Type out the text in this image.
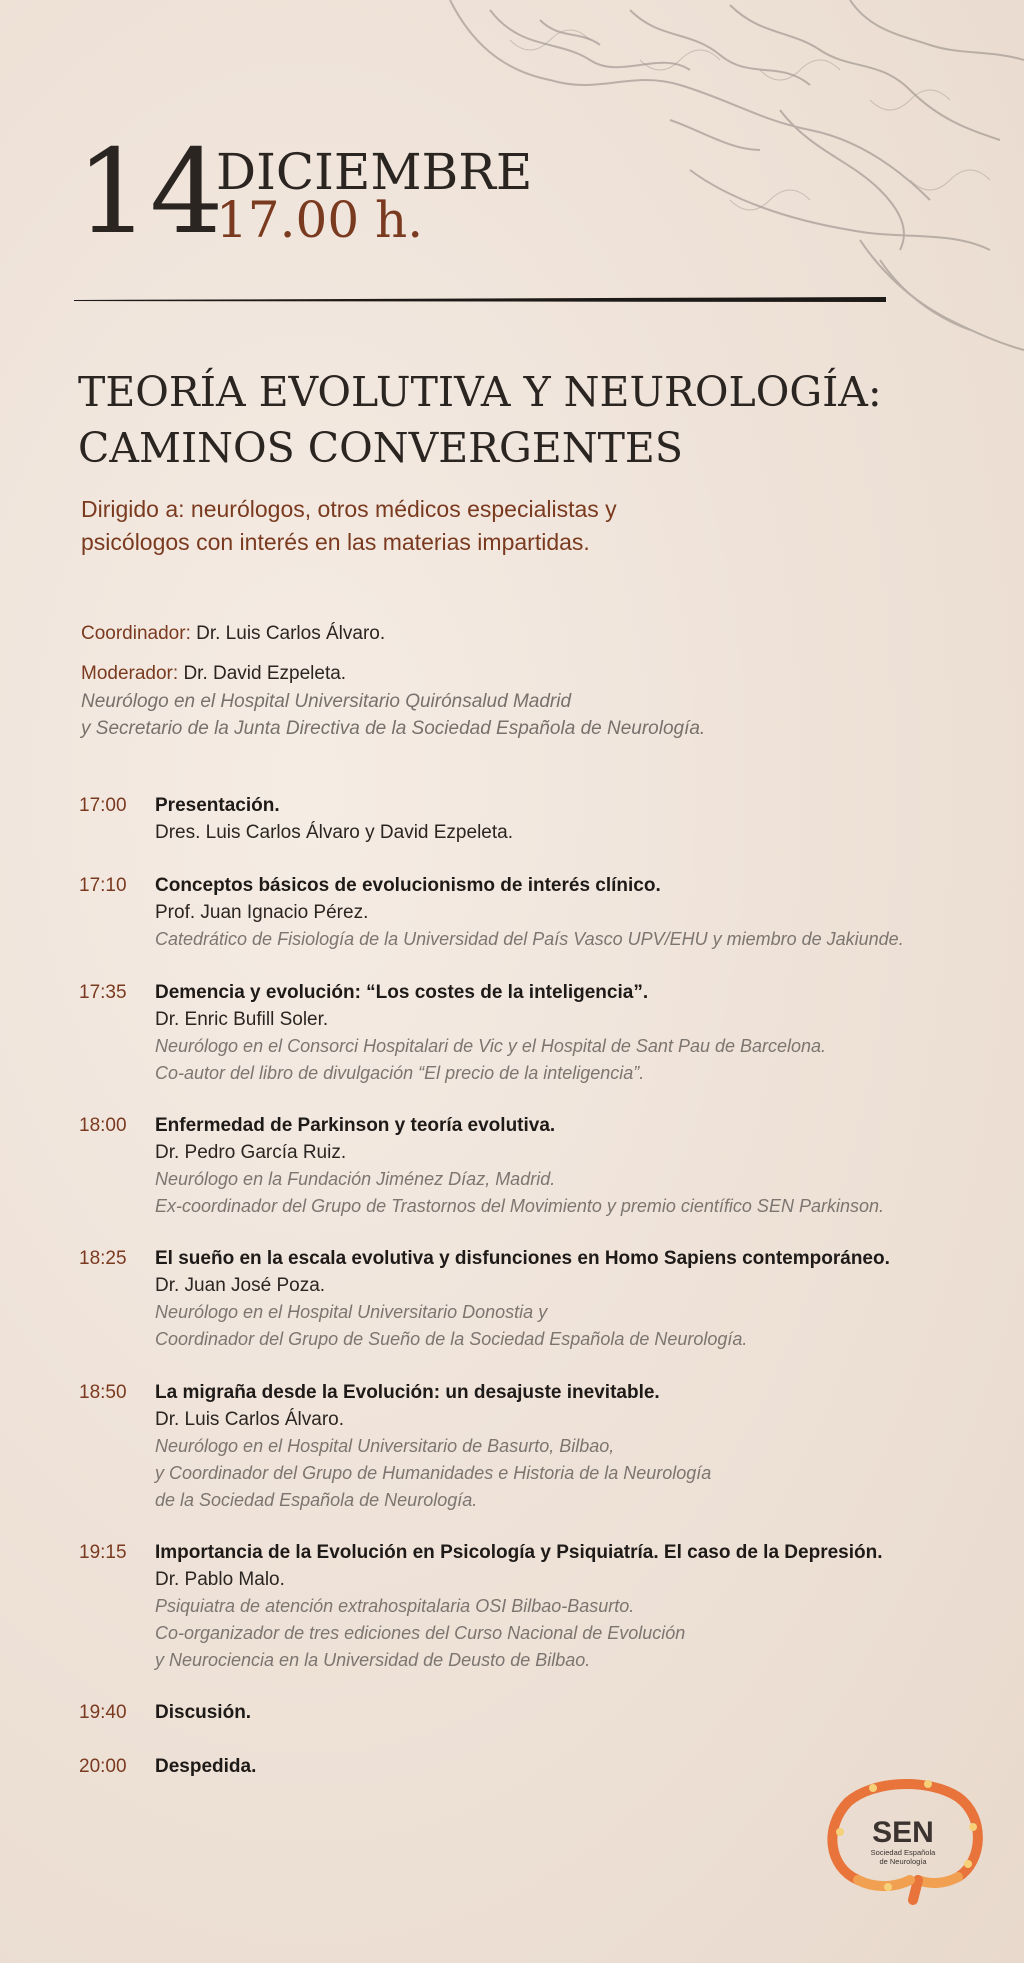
14
DICIEMBRE
17.00 h.
TEORÍA EVOLUTIVA Y NEUROLOGÍA:
CAMINOS CONVERGENTES
Dirigido a: neurólogos, otros médicos especialistas y
psicólogos con interés en las materias impartidas.
Coordinador: Dr. Luis Carlos Álvaro.
Moderador: Dr. David Ezpeleta.
Neurólogo en el Hospital Universitario Quirónsalud Madrid
y Secretario de la Junta Directiva de la Sociedad Española de Neurología.
17:00 Presentación.
Dres. Luis Carlos Álvaro y David Ezpeleta.
17:10 Conceptos básicos de evolucionismo de interés clínico.
Prof. Juan Ignacio Pérez.
Catedrático de Fisiología de la Universidad del País Vasco UPV/EHU y miembro de Jakiunde.
17:35 Demencia y evolución: “Los costes de la inteligencia”.
Dr. Enric Bufill Soler.
Neurólogo en el Consorci Hospitalari de Vic y el Hospital de Sant Pau de Barcelona.
Co-autor del libro de divulgación “El precio de la inteligencia”.
18:00 Enfermedad de Parkinson y teoría evolutiva.
Dr. Pedro García Ruiz.
Neurólogo en la Fundación Jiménez Díaz, Madrid.
Ex-coordinador del Grupo de Trastornos del Movimiento y premio científico SEN Parkinson.
18:25 El sueño en la escala evolutiva y disfunciones en Homo Sapiens contemporáneo.
Dr. Juan José Poza.
Neurólogo en el Hospital Universitario Donostia y
Coordinador del Grupo de Sueño de la Sociedad Española de Neurología.
18:50 La migraña desde la Evolución: un desajuste inevitable.
Dr. Luis Carlos Álvaro.
Neurólogo en el Hospital Universitario de Basurto, Bilbao,
y Coordinador del Grupo de Humanidades e Historia de la Neurología
de la Sociedad Española de Neurología.
19:15 Importancia de la Evolución en Psicología y Psiquiatría. El caso de la Depresión.
Dr. Pablo Malo.
Psiquiatra de atención extrahospitalaria OSI Bilbao-Basurto.
Co-organizador de tres ediciones del Curso Nacional de Evolución
y Neurociencia en la Universidad de Deusto de Bilbao.
19:40 Discusión.
20:00 Despedida.
SEN
Sociedad Española
de Neurología
